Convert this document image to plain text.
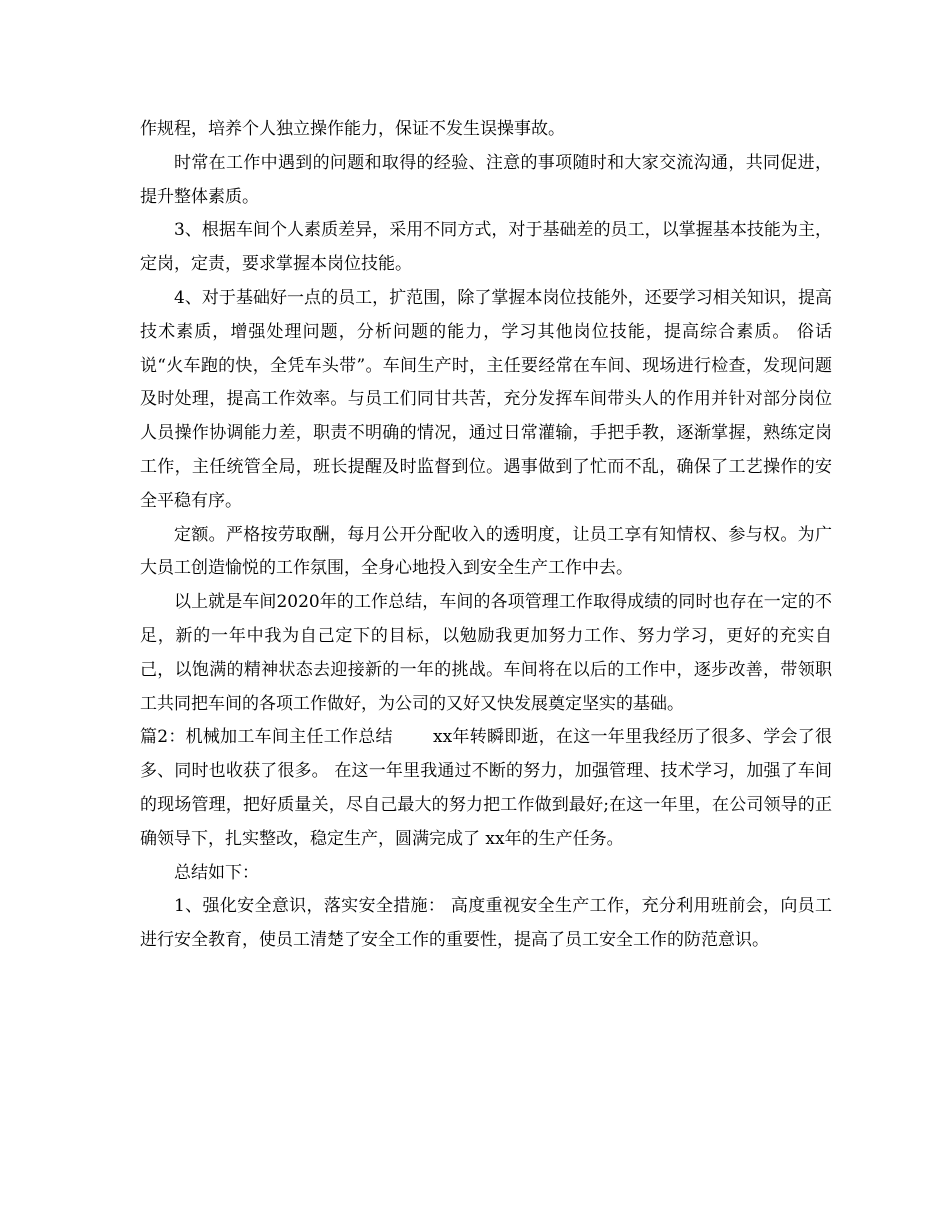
作规程，培养个人独立操作能力，保证不发生误操事故。

时常在工作中遇到的问题和取得的经验、注意的事项随时和大家交流沟通，共同促进，提升整体素质。

3、根据车间个人素质差异，采用不同方式，对于基础差的员工，以掌握基本技能为主，定岗，定责，要求掌握本岗位技能。

4、对于基础好一点的员工，扩范围，除了掌握本岗位技能外，还要学习相关知识，提高技术素质，增强处理问题，分析问题的能力，学习其他岗位技能，提高综合素质。 俗话说“火车跑的快，全凭车头带”。车间生产时，主任要经常在车间、现场进行检查，发现问题及时处理，提高工作效率。与员工们同甘共苦，充分发挥车间带头人的作用并针对部分岗位人员操作协调能力差，职责不明确的情况，通过日常灌输，手把手教，逐渐掌握，熟练定岗工作，主任统管全局，班长提醒及时监督到位。遇事做到了忙而不乱，确保了工艺操作的安全平稳有序。

定额。严格按劳取酬，每月公开分配收入的透明度，让员工享有知情权、参与权。为广大员工创造愉悦的工作氛围，全身心地投入到安全生产工作中去。

以上就是车间2020年的工作总结，车间的各项管理工作取得成绩的同时也存在一定的不足，新的一年中我为自己定下的目标，以勉励我更加努力工作、努力学习，更好的充实自己，以饱满的精神状态去迎接新的一年的挑战。车间将在以后的工作中，逐步改善，带领职工共同把车间的各项工作做好，为公司的又好又快发展奠定坚实的基础。

篇2：机械加工车间主任工作总结　　 xx年转瞬即逝，在这一年里我经历了很多、学会了很多、同时也收获了很多。 在这一年里我通过不断的努力，加强管理、技术学习，加强了车间的现场管理，把好质量关，尽自己最大的努力把工作做到最好;在这一年里，在公司领导的正确领导下，扎实整改，稳定生产，圆满完成了 xx年的生产任务。

总结如下：

1、强化安全意识，落实安全措施： 高度重视安全生产工作，充分利用班前会，向员工进行安全教育，使员工清楚了安全工作的重要性，提高了员工安全工作的防范意识。
